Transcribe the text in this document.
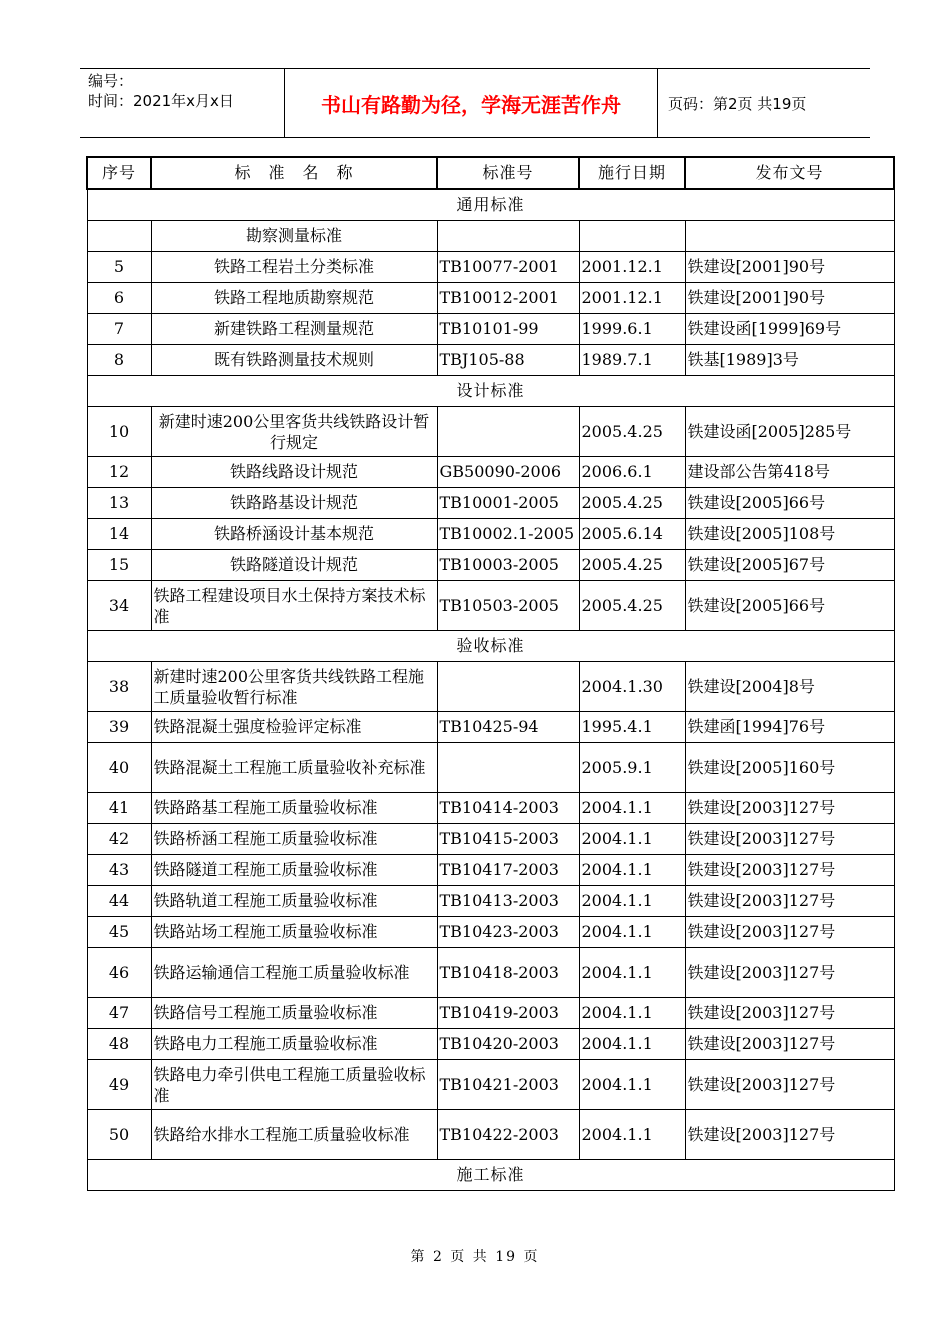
编号：
时间：2021年x月x日	书山有路勤为径，学海无涯苦作舟	页码：第2页 共19页
序号	标　准　名　称	标准号	施行日期	发布文号
通用标准				
	勘察测量标准			
5	铁路工程岩土分类标准	TB10077-2001	2001.12.1	铁建设[2001]90号
6	铁路工程地质勘察规范	TB10012-2001	2001.12.1	铁建设[2001]90号
7	新建铁路工程测量规范	TB10101-99	1999.6.1	铁建设函[1999]69号
8	既有铁路测量技术规则	TBJ105-88	1989.7.1	铁基[1989]3号
设计标准				
10	新建时速200公里客货共线铁路设计暂行规定		2005.4.25	铁建设函[2005]285号
12	铁路线路设计规范	GB50090-2006	2006.6.1	建设部公告第418号
13	铁路路基设计规范	TB10001-2005	2005.4.25	铁建设[2005]66号
14	铁路桥涵设计基本规范	TB10002.1-2005	2005.6.14	铁建设[2005]108号
15	铁路隧道设计规范	TB10003-2005	2005.4.25	铁建设[2005]67号
34	铁路工程建设项目水土保持方案技术标准	TB10503-2005	2005.4.25	铁建设[2005]66号
验收标准				
38	新建时速200公里客货共线铁路工程施工质量验收暂行标准		2004.1.30	铁建设[2004]8号
39	铁路混凝土强度检验评定标准	TB10425-94	1995.4.1	铁建函[1994]76号
40	铁路混凝土工程施工质量验收补充标准		2005.9.1	铁建设[2005]160号
41	铁路路基工程施工质量验收标准	TB10414-2003	2004.1.1	铁建设[2003]127号
42	铁路桥涵工程施工质量验收标准	TB10415-2003	2004.1.1	铁建设[2003]127号
43	铁路隧道工程施工质量验收标准	TB10417-2003	2004.1.1	铁建设[2003]127号
44	铁路轨道工程施工质量验收标准	TB10413-2003	2004.1.1	铁建设[2003]127号
45	铁路站场工程施工质量验收标准	TB10423-2003	2004.1.1	铁建设[2003]127号
46	铁路运输通信工程施工质量验收标准	TB10418-2003	2004.1.1	铁建设[2003]127号
47	铁路信号工程施工质量验收标准	TB10419-2003	2004.1.1	铁建设[2003]127号
48	铁路电力工程施工质量验收标准	TB10420-2003	2004.1.1	铁建设[2003]127号
49	铁路电力牵引供电工程施工质量验收标准	TB10421-2003	2004.1.1	铁建设[2003]127号
50	铁路给水排水工程施工质量验收标准	TB10422-2003	2004.1.1	铁建设[2003]127号
施工标准				
第 2 页 共 19 页
